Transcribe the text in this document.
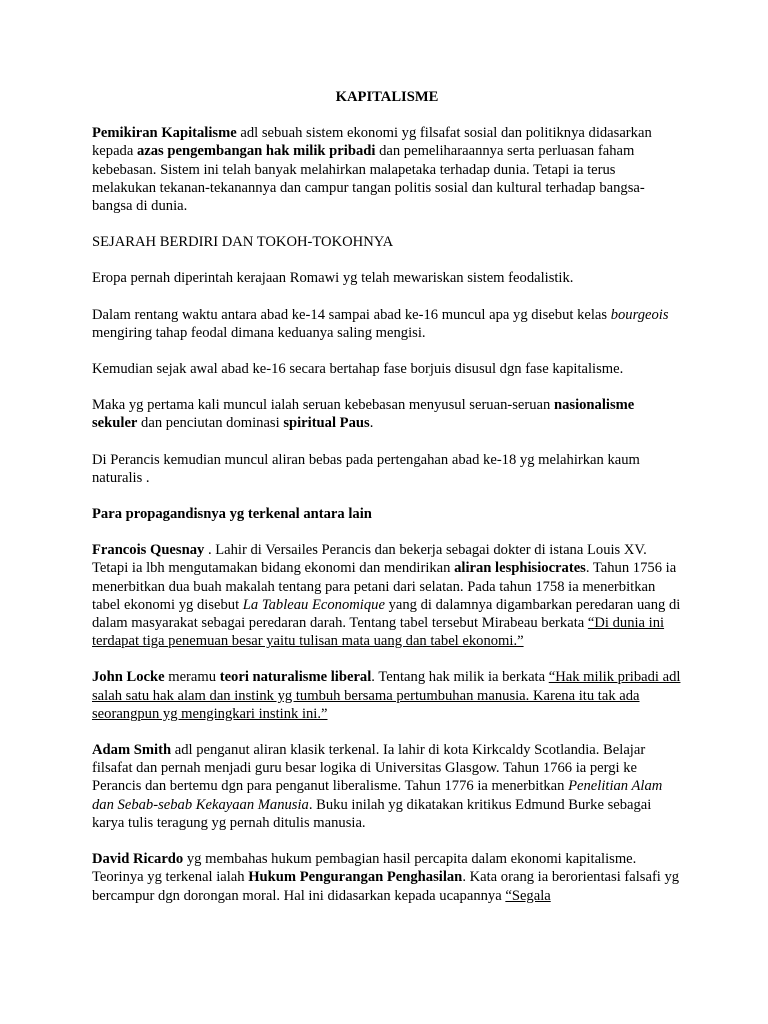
KAPITALISME

Pemikiran Kapitalisme adl sebuah sistem ekonomi yg filsafat sosial dan politiknya didasarkan kepada azas pengembangan hak milik pribadi dan pemeliharaannya serta perluasan faham kebebasan. Sistem ini telah banyak melahirkan malapetaka terhadap dunia. Tetapi ia terus melakukan tekanan-tekanannya dan campur tangan politis sosial dan kultural terhadap bangsa-bangsa di dunia.

SEJARAH BERDIRI DAN TOKOH-TOKOHNYA

Eropa pernah diperintah kerajaan Romawi yg telah mewariskan sistem feodalistik.

Dalam rentang waktu antara abad ke-14 sampai abad ke-16 muncul apa yg disebut kelas bourgeois mengiring tahap feodal dimana keduanya saling mengisi.

Kemudian sejak awal abad ke-16 secara bertahap fase borjuis disusul dgn fase kapitalisme.

Maka yg pertama kali muncul ialah seruan kebebasan menyusul seruan-seruan nasionalisme sekuler dan penciutan dominasi spiritual Paus.

Di Perancis kemudian muncul aliran bebas pada pertengahan abad ke-18 yg melahirkan kaum naturalis .

Para propagandisnya yg terkenal antara lain

Francois Quesnay . Lahir di Versailes Perancis dan bekerja sebagai dokter di istana Louis XV. Tetapi ia lbh mengutamakan bidang ekonomi dan mendirikan aliran lesphisiocrates. Tahun 1756 ia menerbitkan dua buah makalah tentang para petani dari selatan. Pada tahun 1758 ia menerbitkan tabel ekonomi yg disebut La Tableau Economique yang di dalamnya digambarkan peredaran uang di dalam masyarakat sebagai peredaran darah. Tentang tabel tersebut Mirabeau berkata “Di dunia ini terdapat tiga penemuan besar yaitu tulisan mata uang dan tabel ekonomi.”

John Locke meramu teori naturalisme liberal. Tentang hak milik ia berkata “Hak milik pribadi adl salah satu hak alam dan instink yg tumbuh bersama pertumbuhan manusia. Karena itu tak ada seorangpun yg mengingkari instink ini.”

Adam Smith adl penganut aliran klasik terkenal. Ia lahir di kota Kirkcaldy Scotlandia. Belajar filsafat dan pernah menjadi guru besar logika di Universitas Glasgow. Tahun 1766 ia pergi ke Perancis dan bertemu dgn para penganut liberalisme. Tahun 1776 ia menerbitkan Penelitian Alam dan Sebab-sebab Kekayaan Manusia. Buku inilah yg dikatakan kritikus Edmund Burke sebagai karya tulis teragung yg pernah ditulis manusia.

David Ricardo yg membahas hukum pembagian hasil percapita dalam ekonomi kapitalisme. Teorinya yg terkenal ialah Hukum Pengurangan Penghasilan. Kata orang ia berorientasi falsafi yg bercampur dgn dorongan moral. Hal ini didasarkan kepada ucapannya “Segala
